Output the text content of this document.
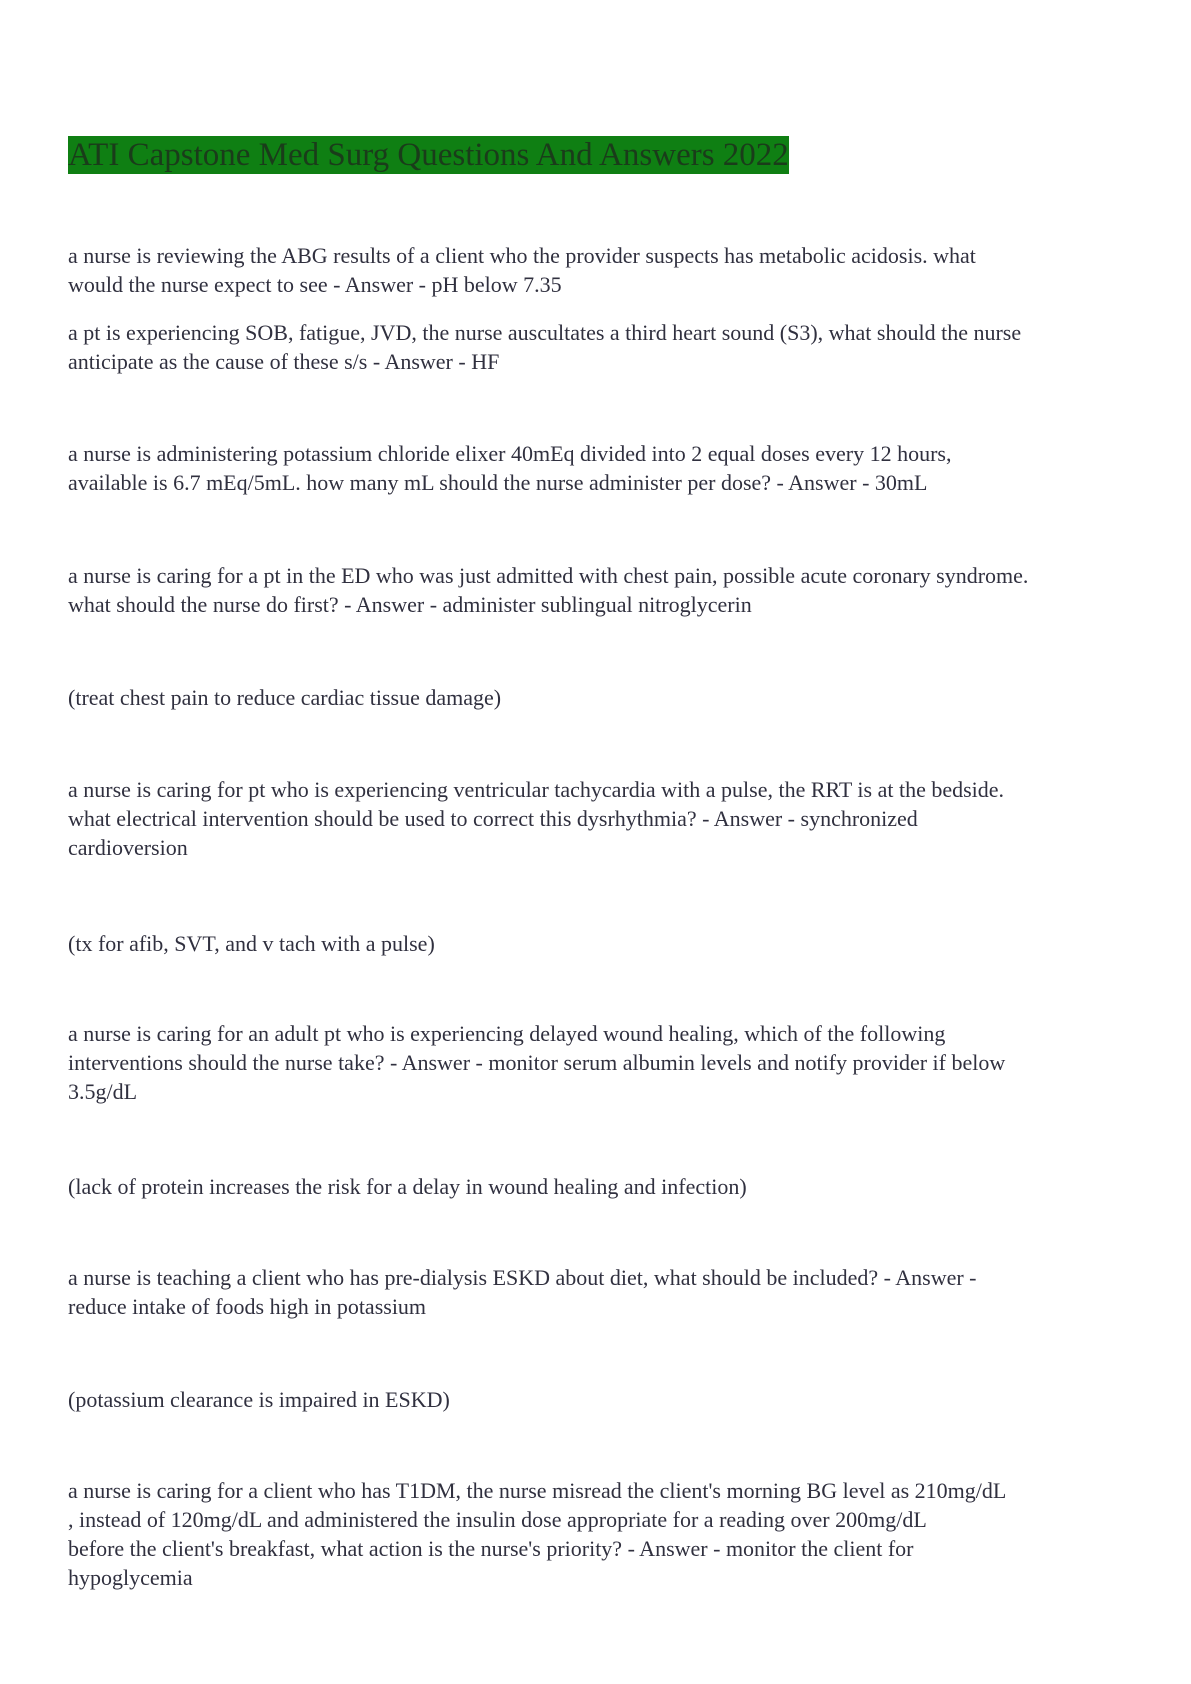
ATI Capstone Med Surg Questions And Answers 2022
a nurse is reviewing the ABG results of a client who the provider suspects has metabolic acidosis. what
would the nurse expect to see - Answer - pH below 7.35
a pt is experiencing SOB, fatigue, JVD, the nurse auscultates a third heart sound (S3), what should the nurse
anticipate as the cause of these s/s - Answer - HF
a nurse is administering potassium chloride elixer 40mEq divided into 2 equal doses every 12 hours,
available is 6.7 mEq/5mL. how many mL should the nurse administer per dose? - Answer - 30mL
a nurse is caring for a pt in the ED who was just admitted with chest pain, possible acute coronary syndrome.
what should the nurse do first? - Answer - administer sublingual nitroglycerin
(treat chest pain to reduce cardiac tissue damage)
a nurse is caring for pt who is experiencing ventricular tachycardia with a pulse, the RRT is at the bedside.
what electrical intervention should be used to correct this dysrhythmia? - Answer - synchronized
cardioversion
(tx for afib, SVT, and v tach with a pulse)
a nurse is caring for an adult pt who is experiencing delayed wound healing, which of the following
interventions should the nurse take? - Answer - monitor serum albumin levels and notify provider if below
3.5g/dL
(lack of protein increases the risk for a delay in wound healing and infection)
a nurse is teaching a client who has pre-dialysis ESKD about diet, what should be included? - Answer -
reduce intake of foods high in potassium
(potassium clearance is impaired in ESKD)
a nurse is caring for a client who has T1DM, the nurse misread the client's morning BG level as 210mg/dL
, instead of 120mg/dL and administered the insulin dose appropriate for a reading over 200mg/dL
before the client's breakfast, what action is the nurse's priority? - Answer - monitor the client for
hypoglycemia
